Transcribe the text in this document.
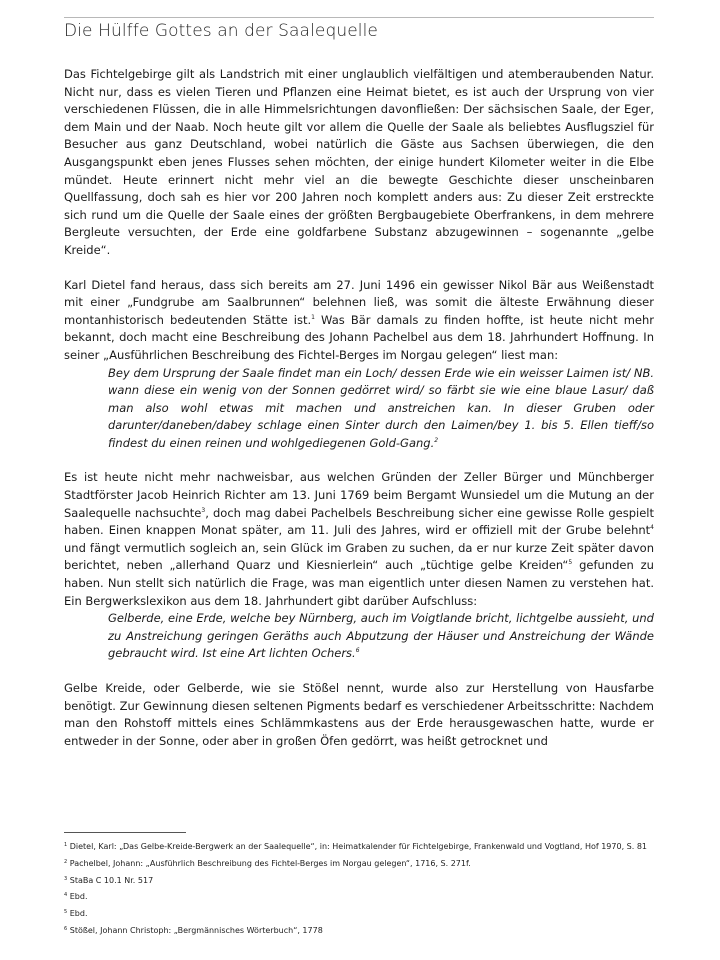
Die Hülffe Gottes an der Saalequelle

Das Fichtelgebirge gilt als Landstrich mit einer unglaublich vielfältigen und atemberaubenden Natur. Nicht nur, dass es vielen Tieren und Pflanzen eine Heimat bietet, es ist auch der Ursprung von vier verschiedenen Flüssen, die in alle Himmelsrichtungen davonfließen: Der sächsischen Saale, der Eger, dem Main und der Naab. Noch heute gilt vor allem die Quelle der Saale als beliebtes Ausflugsziel für Besucher aus ganz Deutschland, wobei natürlich die Gäste aus Sachsen überwiegen, die den Ausgangspunkt eben jenes Flusses sehen möchten, der einige hundert Kilometer weiter in die Elbe mündet. Heute erinnert nicht mehr viel an die bewegte Geschichte dieser unscheinbaren Quellfassung, doch sah es hier vor 200 Jahren noch komplett anders aus: Zu dieser Zeit erstreckte sich rund um die Quelle der Saale eines der größten Bergbaugebiete Oberfrankens, in dem mehrere Bergleute versuchten, der Erde eine goldfarbene Substanz abzugewinnen – sogenannte „gelbe Kreide“.

Karl Dietel fand heraus, dass sich bereits am 27. Juni 1496 ein gewisser Nikol Bär aus Weißenstadt mit einer „Fundgrube am Saalbrunnen“ belehnen ließ, was somit die älteste Erwähnung dieser montanhistorisch bedeutenden Stätte ist.$^1$ Was Bär damals zu finden hoffte, ist heute nicht mehr bekannt, doch macht eine Beschreibung des Johann Pachelbel aus dem 18. Jahrhundert Hoffnung. In seiner „Ausführlichen Beschreibung des Fichtel-Berges im Norgau gelegen“ liest man:

Bey dem Ursprung der Saale findet man ein Loch/ dessen Erde wie ein weisser Laimen ist/ NB. wann diese ein wenig von der Sonnen gedörret wird/ so färbt sie wie eine blaue Lasur/ daß man also wohl etwas mit machen und anstreichen kan. In dieser Gruben oder darunter/daneben/dabey schlage einen Sinter durch den Laimen/bey 1. bis 5. Ellen tieff/so findest du einen reinen und wohlgediegenen Gold-Gang.$^2$

Es ist heute nicht mehr nachweisbar, aus welchen Gründen der Zeller Bürger und Münchberger Stadtförster Jacob Heinrich Richter am 13. Juni 1769 beim Bergamt Wunsiedel um die Mutung an der Saalequelle nachsuchte$^3$, doch mag dabei Pachelbels Beschreibung sicher eine gewisse Rolle gespielt haben. Einen knappen Monat später, am 11. Juli des Jahres, wird er offiziell mit der Grube belehnt$^4$ und fängt vermutlich sogleich an, sein Glück im Graben zu suchen, da er nur kurze Zeit später davon berichtet, neben „allerhand Quarz und Kiesnierlein“ auch „tüchtige gelbe Kreiden“$^5$ gefunden zu haben. Nun stellt sich natürlich die Frage, was man eigentlich unter diesen Namen zu verstehen hat. Ein Bergwerkslexikon aus dem 18. Jahrhundert gibt darüber Aufschluss:

Gelberde, eine Erde, welche bey Nürnberg, auch im Voigtlande bricht, lichtgelbe aussieht, und zu Anstreichung geringen Geräths auch Abputzung der Häuser und Anstreichung der Wände gebraucht wird. Ist eine Art lichten Ochers.$^6$

Gelbe Kreide, oder Gelberde, wie sie Stößel nennt, wurde also zur Herstellung von Hausfarbe benötigt. Zur Gewinnung diesen seltenen Pigments bedarf es verschiedener Arbeitsschritte: Nachdem man den Rohstoff mittels eines Schlämmkastens aus der Erde herausgewaschen hatte, wurde er entweder in der Sonne, oder aber in großen Öfen gedörrt, was heißt getrocknet und

$^1$ Dietel, Karl: „Das Gelbe-Kreide-Bergwerk an der Saalequelle“, in: Heimatkalender für Fichtelgebirge, Frankenwald und Vogtland, Hof 1970, S. 81
$^2$ Pachelbel, Johann: „Ausführlich Beschreibung des Fichtel-Berges im Norgau gelegen“, 1716, S. 271f.
$^3$ StaBa C 10.1 Nr. 517
$^4$ Ebd.
$^5$ Ebd.
$^6$ Stößel, Johann Christoph: „Bergmännisches Wörterbuch“, 1778
